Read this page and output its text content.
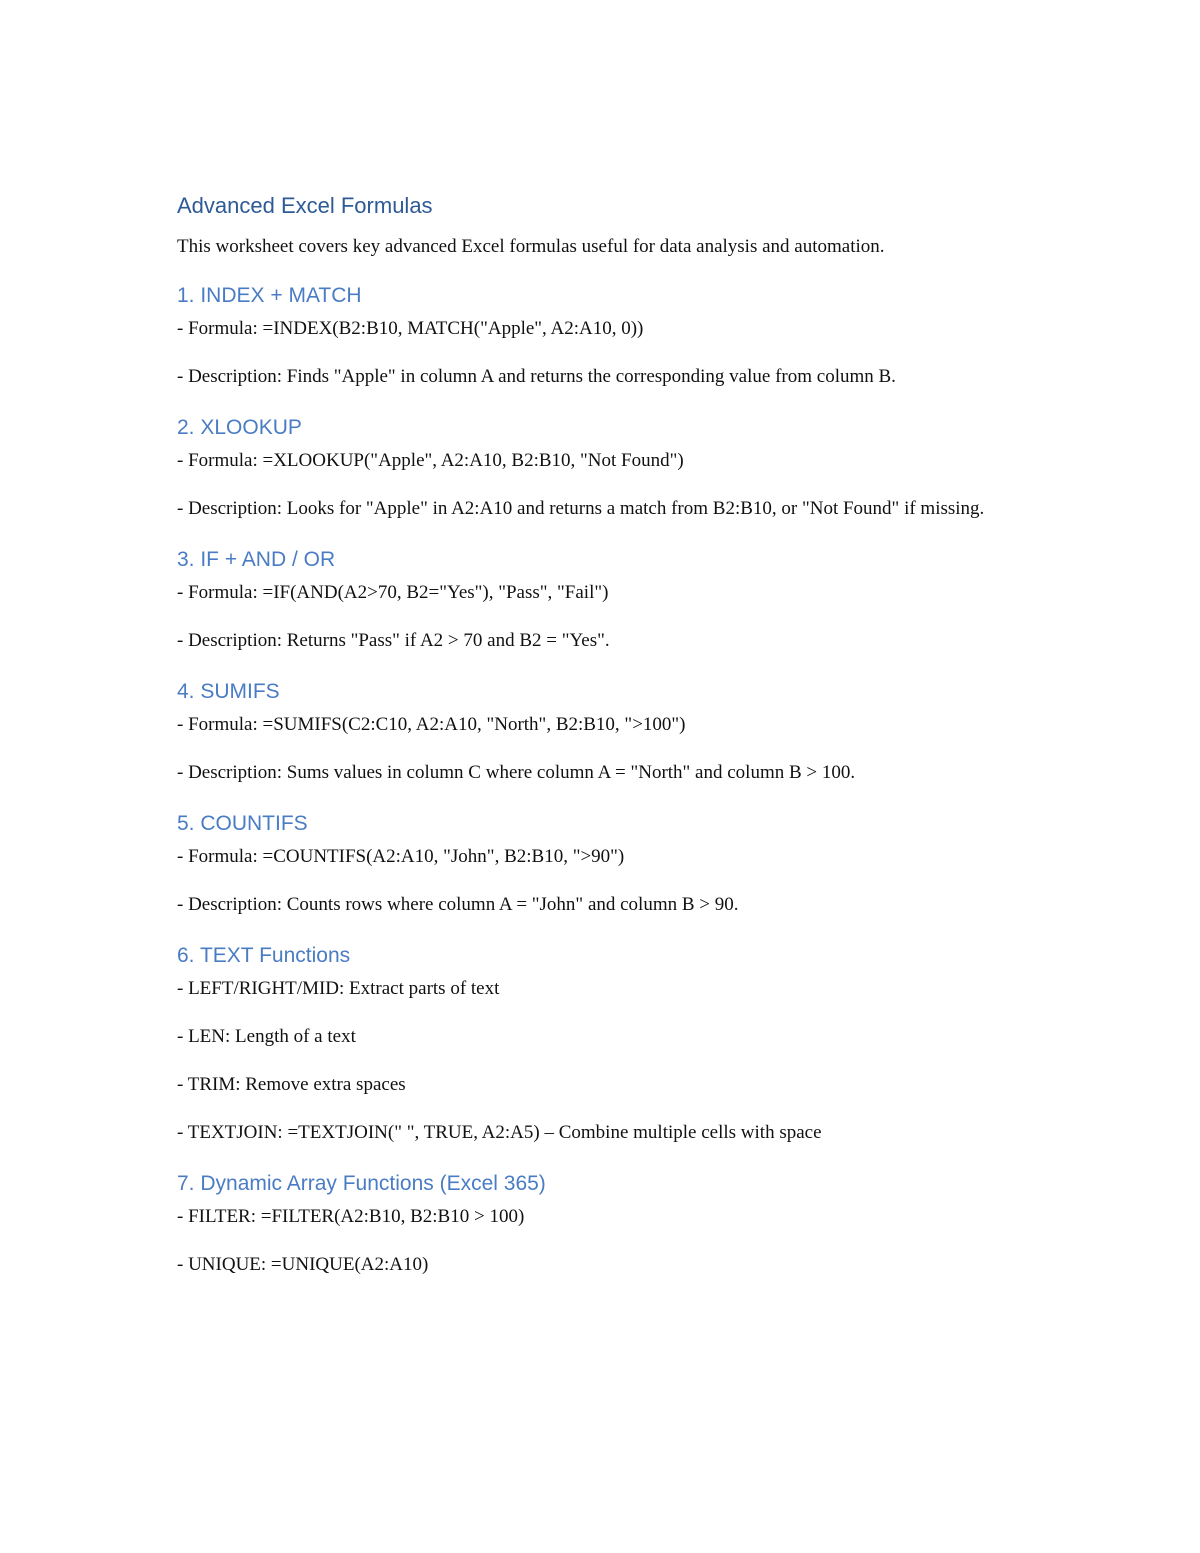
Advanced Excel Formulas

This worksheet covers key advanced Excel formulas useful for data analysis and automation.

1. INDEX + MATCH

- Formula: =INDEX(B2:B10, MATCH("Apple", A2:A10, 0))

- Description: Finds "Apple" in column A and returns the corresponding value from column B.

2. XLOOKUP

- Formula: =XLOOKUP("Apple", A2:A10, B2:B10, "Not Found")

- Description: Looks for "Apple" in A2:A10 and returns a match from B2:B10, or "Not Found" if missing.

3. IF + AND / OR

- Formula: =IF(AND(A2>70, B2="Yes"), "Pass", "Fail")

- Description: Returns "Pass" if A2 > 70 and B2 = "Yes".

4. SUMIFS

- Formula: =SUMIFS(C2:C10, A2:A10, "North", B2:B10, ">100")

- Description: Sums values in column C where column A = "North" and column B > 100.

5. COUNTIFS

- Formula: =COUNTIFS(A2:A10, "John", B2:B10, ">90")

- Description: Counts rows where column A = "John" and column B > 90.

6. TEXT Functions

- LEFT/RIGHT/MID: Extract parts of text

- LEN: Length of a text

- TRIM: Remove extra spaces

- TEXTJOIN: =TEXTJOIN(" ", TRUE, A2:A5) – Combine multiple cells with space

7. Dynamic Array Functions (Excel 365)

- FILTER: =FILTER(A2:B10, B2:B10 > 100)

- UNIQUE: =UNIQUE(A2:A10)
